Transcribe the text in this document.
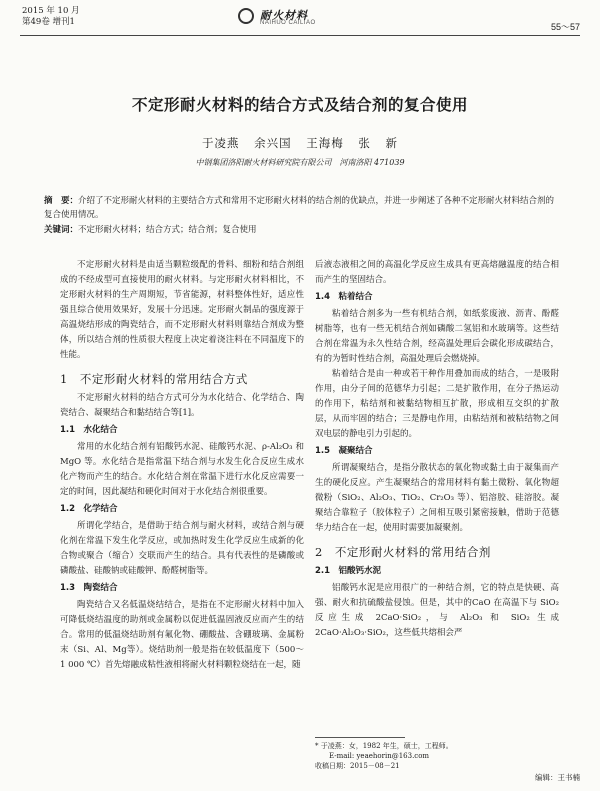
2015 年 10 月
第49卷 增刊1	耐火材料
NAIHUO CAILIAO	55～57
不定形耐火材料的结合方式及结合剂的复合使用
于凌燕 余兴国 王海梅 张 新
中钢集团洛阳耐火材料研究院有限公司　河南洛阳 471039
摘　要：介绍了不定形耐火材料的主要结合方式和常用不定形耐火材料的结合剂的优缺点，并进一步阐述了各种不定形耐火材料结合剂的复合使用情况。
关键词：不定形耐火材料；结合方式；结合剂；复合使用

不定形耐火材料是由适当颗粒级配的骨料、细粉和结合剂组成的不经成型可直接使用的耐火材料。与定形耐火材料相比，不定形耐火材料的生产周期短，节省能源，材料整体性好，适应性强且综合使用效果好，发展十分迅速。定形耐火制品的强度源于高温烧结形成的陶瓷结合，而不定形耐火材料则靠结合剂成为整体，所以结合剂的性质很大程度上决定着浇注料在不同温度下的性能。

1　不定形耐火材料的常用结合方式

不定形耐火材料的结合方式可分为水化结合、化学结合、陶瓷结合、凝聚结合和黏结结合等[1]。

1.1　水化结合

常用的水化结合剂有铝酸钙水泥、硅酸钙水泥、ρ-Al₂O₃ 和 MgO 等。水化结合是指常温下结合剂与水发生化合反应生成水化产物而产生的结合。水化结合剂在常温下进行水化反应需要一定的时间，因此凝结和硬化时间对于水化结合剂很重要。

1.2　化学结合

所谓化学结合，是借助于结合剂与耐火材料，或结合剂与硬化剂在常温下发生化学反应，或加热时发生化学反应生成新的化合物或聚合（缩合）交联而产生的结合。具有代表性的是磷酸或磷酸盐、硅酸钠或硅酸钾、酚醛树脂等。

1.3　陶瓷结合

陶瓷结合又名低温烧结结合，是指在不定形耐火材料中加入可降低烧结温度的助剂或金属粉以促进低温固液反应而产生的结合。常用的低温烧结助剂有氟化物、硼酸盐、含硼玻璃、金属粉末（Si、Al、Mg等）。烧结助剂一般是指在较低温度下（500～1 000 ℃）首先熔融成粘性液相将耐火材料颗粒烧结在一起，随

后液态液相之间的高温化学反应生成具有更高熔融温度的结合相而产生的坚固结合。

1.4　粘着结合

粘着结合剂多为一些有机结合剂，如纸浆废液、沥青、酚醛树脂等，也有一些无机结合剂如磷酸二氢铝和水玻璃等。这些结合剂在常温为永久性结合剂，经高温处理后会碳化形成碳结合，有的为暂时性结合剂，高温处理后会燃烧掉。

粘着结合是由一种或若干种作用叠加而成的结合，一是吸附作用，由分子间的范德华力引起；二是扩散作用，在分子热运动的作用下，粘结剂和被黏结物相互扩散，形成相互交织的扩散层，从而牢固的结合；三是静电作用，由粘结剂和被粘结物之间双电层的静电引力引起的。

1.5　凝聚结合

所谓凝聚结合，是指分散状态的氧化物或黏土由于凝集而产生的硬化反应。产生凝聚结合的常用材料有黏土微粉、氧化物超微粉（SiO₂、Al₂O₃、TiO₂、Cr₂O₃ 等）、铝溶胶、硅溶胶。凝聚结合靠粒子（胶体粒子）之间相互吸引紧密接触，借助于范德华力结合在一起，使用时需要加凝聚剂。

2　不定形耐火材料的常用结合剂
2.1　铝酸钙水泥

铝酸钙水泥是应用很广的一种结合剂，它的特点是快硬、高强、耐火和抗硫酸盐侵蚀。但是，其中的CaO 在高温下与 SiO₂ 反应生成 2CaO·SiO₂，与 Al₂O₃ 和 SiO₂ 生成 2CaO·Al₂O₃·SiO₂，这些低共熔相会严

* 于凌燕：女，1982 年生，硕士，工程师。
E-mail: yeaehorin@163.com
收稿日期：2015－08－21
编辑：王书楠
